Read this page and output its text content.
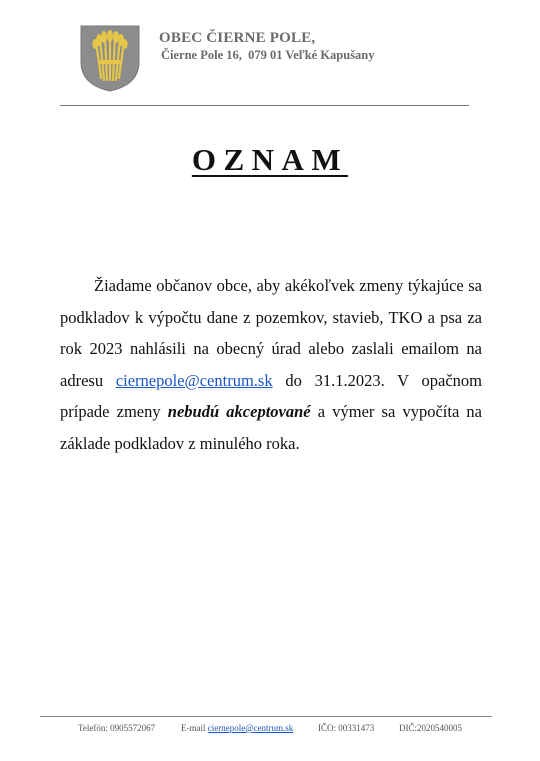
OBEC ČIERNE POLE,
Čierne Pole 16,  079 01 Veľké Kapušany
OZNAM

Žiadame občanov obce, aby akékoľvek zmeny týkajúce sa podkladov k výpočtu dane z pozemkov, stavieb, TKO a psa za rok 2023 nahlásili na obecný úrad alebo zaslali emailom na adresu ciernepole@centrum.sk do 31.1.2023. V opačnom prípade zmeny nebudú akceptované a výmer sa vypočíta na základe podkladov z minulého roka.

Telefón: 0905572067	E-mail ciernepole@centrum.sk	IČO: 00331473	DIČ:2020540005
